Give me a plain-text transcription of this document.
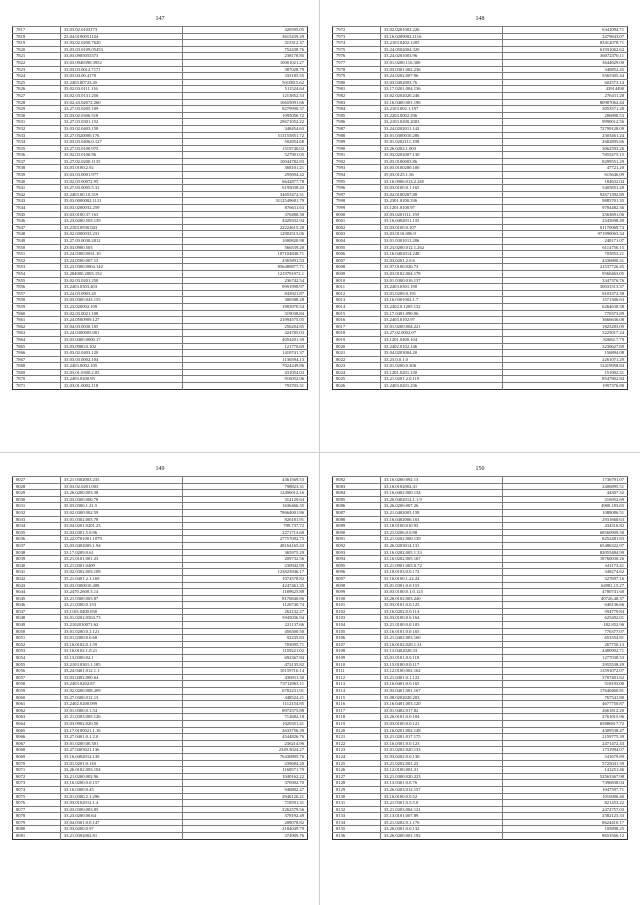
147
7817	33.03.02.0103173	426595.05
7818	23.04.0190051144	3615439.29
7819	33.03.02.0200.7620	315312.37
7820	33.03.03.0109.05453	752438.76
7821	33.03.0905055373	238178.85
7822	33.03.0940390.3952	10001021.27
7823	33.03.03.0012.7171	387028.79
7824	33.03.04.00.4170	333185.55
7825	33.2403.00723.45	5010815.62
7826	33.02.03.0111.116	511524.64
7827	33.02.03.0131.256	1213852.53
7828	33.02.43.02072.260	16655091.66
7829	33.27.03.0205.109	8279990.37
7830	33.03.02.0306.518	1095056.72
7831	33.27.03.0301.152	29671052.22
7832	33.03.02.0403.158	348454.63
7833	33.27.0320000.176	513155851.72
7834	33.03.03.0406.0.127	502854.68
7835	33.27.03.0100.975	1519740.02
7836	33.02.03.0106.96	527901.05
7837	33.27.02.0200.1135	10044782.83
7838	33.03.0100.2.92	368101.21
7839	33.03.03.0001.977	295694.42
7840	33.02.03.00072.95	6642877.78
7841	33.27.03.0005.5.31	6195038.43
7842	33.2403.00.10.319	34653472.51
7843	33.03.0000002.1121	3112549681.79
7844	33.03.0200032.259	876611.63
7845	33.03.0100.37.163	376480.30
7846	33.23.0200.503.139	4429332.94
7847	33.2103.0930.043	22224615.28
7848	33.02.0300033.231	12902513.06
7849	33.27.03.0030.2012	1000820.98
7850	23.03.0900.503	566539.20
7851	33.24.0300.0031.10	107104846.71
7852	33.24.0500.007.13	4365891.53
7853	33.23.0300.0004.142	856480877.71
7854	33.204000.2003.152	1219791972.1
7855	33.02.03.0201.250	236742.54
7856	33.2403.0303.403	9991998.97
7857	33.24.03.0903.45	843921.87
7858	33.03.0300.043.155	306588.28
7859	33.23.020002.109	1983970.54
7860	33.02.03.0021.108	319038.84
7861	33.24.0500909.127	21994575.05
7862	33.04.03.0030.105	256204.85
7863	33.24.0300005.001	424785.03
7864	33.03.0400.0000.17	4054201.39
7865	33.03.0900.0.102	121770.69
7866	33.03.02.0403.120	1410741.37
7867	33.03.03.0002.104	1136594.13
7868	33.2403.0002.105	7024249.86
7869	33.03.01.0300.2.05	431054.03
7870	33.2403.0200.95	916052.06
7871	33.03.01.0002.118	793703.31
148
7972	33.02.0201002.226	6341094.71
7973	33.16.0209002.1116	3479843.07
7974	33.2103.0402.1205	83412078.71
7975	33.24.0502004.320	61931062.62
7976	33.24.0201003.96	36072370.11
7977	33.01.0200.116.300	3644629.00
7978	33.03.0301.002.236	340852.45
7979	33.24.0202.007.96	5565305.44
7980	33.03.0402003.76	602573.14
7981	33.17.0201.004.136	43914490
7982	33.02.0202020.246	276411.28
7983	33.16.0400.001.196	80987062.44
7984	33.2103.002.1.197	3053571.28
7985	33.2204.0002.296	286898.53
7986	33.2103.0200.2003	9990012.56
7987	33.24.0202011.142	72799128.09
7988	33.01.0300010.206	2303461.24
7989	35.01.0202111.198	2682895.66
7990	33.26.0202.1.003	3062593.26
7991	33.03.0202007.130	7855475.15
7992	33.03.0100003.86	8299551.29
7993	33.03.0100200.100	47721.20
7994	35.03.0125.1.56	615646.09
7995	33.16.0906.013.2.265	184632.04
7996	33.03.0100.0.1.165	5405851.28
7997	33.02.0100207.88	92671392.89
7998	33.2301.0200.336	9885701.35
7999	33.1201.0100.97	9784482.36
8000	33.03.0201111.159	2563691.06
8001	33.16.0402011.135	2345698.49
8002	33.03.0100.0.107	61170069.74
8003	33.03.0110.006.9	971990063.34
8004	33.01.0301011.286	248171.07
8005	33.23.0200.012.1.262	6114756.15
8006	33.16.0402014.248	705853.21
8007	33.03.0201.2.0.6	4336800.31
8008	33.07.0100.020.73	21537726.45
8009	33.03.0102.004.178	9560463.05
8010	33.01.0300.016.137	3347376.76
8011	33.2403.0301.190	30031513.37
8012	33.01.0209.0.191	9103372.38
8013	33.16.0301002.1.7	1571306.63
8014	33.2402.0.1205.132	6264638.38
8015	33.17.0401.090.96	770373.89
8016	33.2403.0102.97	3666636.08
8017	33.01.0200.004.221	1823283.09
8018	33.27.02.0002.07	5225017.24
8019	33.1201.0400.104	82682.7.79
8020	33.2402.0102.146	3230627.69
8021	33.04.0203004.20	156894.08
8022	33.23.0.0.1.0	2261071.29
8023	33.01.0200.0.306	12419958.84
8024	33.1201.0201.130	151902.31
8025	33.21.0201.2.0.119	8547802.84
8026	33.2403.0201.236	1997376.80
149
8027	33.21.0302003.235	4361569.53
8028	33.03.02.0201.003	798823.31
8029	33.26.0200.003.38	12496012.16
8030	33.03.0300.000.78	314120.64
8031	35.03.0300.1.21.5	1636466.35
8032	33.02.0300.002.59	78664001.86
8033	33.01.0302.003.78	826181.91
8034	33.04.0201.0201.23	799.737.72
8035	33.03.0301.5.0.96	2271713.68
8036	33.22.0701001.1079	27757092.75
8037	33.03.0402005.1.94	48164165.43
8038	33.17.0209.0.61	365975.29
8039	33.21.0101.001.23	209732.56
8040	33.21.0301.0409	230942.99
8041	33.02.0302.003.108	123823946.17
8042	35.21.0401.2.1.169	1074578.82
8043	33.03.0300010.408	4247461.35
8044	33.2470.2600.3.14	1189625.88
8045	33.21.0300.003.87	8176840.86
8046	33.21.0300.0.133	1126740.74
8047	33.1103.0400.058	262132.27
8048	33.01.0202.0504.73	5945036.94
8049	33.2102010071.62	221137.66
8050	33.01.0200.0.1.121	456500.50
8051	33.01.0300.0.0.68	92235.83
8052	33.16.0102.0.1.59	703095.71
8053	33.16.0102.1.0.21	1159221.02
8054	33.13.0300.02.1	692367.84
8055	33.2103.0301.1.185	472135.82
8056	33.24.0401.012.1.1	10159716.14
8057	33.03.0402.000.64	436911.30
8058	33.2403.0202.87	73712963.11
8059	33.02.0200.008.209	6702231.91
8060	33.27.0300.012.13	448524.21
8061	33.2402.0200.099	1112154.85
8062	33.01.0300.0.1.54	8972575.88
8063	35.21.0303.005.126	712682.18
8064	33.03.0902.020.50	1020351.41
8065	33.17.0100021.1.16	2633756.39
8066	33.27.0401.0.1.2.0	4544826.76
8067	33.01.0200.00.301	236214.96
8068	33.27.0403021.136	2349.3024.27
8069	33.16.0402012.139	76430895.76
8070	33.01.0201.0.118	239684.20
8071	33.26.0102.003.104	1168571.79
8072	33.21.0200.002.96	1040162.22
8073	33.16.0200.0.0.157	376902.70
8074	33.16.0300.0.45	946802.47
8075	33.01.0300.2.1.296	2946126.21
8076	33.03.0102012.1.4	718591.31
8077	33.03.0300.003.85	2262579.56
8078	33.23.0200.00.64	378192.49
8079	33.04.0301.0.0.147	208078.82
8080	33.03.0200.0.97	2184049.79
8081	33.21.0302002.81	374909.76
150
8082	33.16.0200.092.13	1736791.07
8083	33.16.0102002.41	2406895.51
8084	33.16.0402.000.134	44307.32
8085	33.26.0402012.1.1.9	216952.69
8086	33.26.0200.007.26	4900.183.65
8087	33.21.0402003.158	1088086.51
8088	33.16.0402006.163	2931660.63
8089	33.18.0100.010.93	434316.82
8090	33.21.0206.0.0.98	68560909.30
8091	33.21.0202.000.139	8252481.83
8092	33.26.0203014.131	65486322.97
8093	33.16.0202.005.1.33	82055484.99
8094	33.16.0202.005.167	18760030.26
8095	33.21.0901.003.0.72	341173.41
8096	33.18.0103.0.0.172	348274.62
8097	33.16.0100.1.22.24	327697.16
8098	33.01.0301.0.0.153	64981.15.27
8099	33.03.0100.0.1.0.125	4780741.60
8100	33.26.0102.003.240	40726.48.37
8101	33.03.0101.0.0.125	646136.66
8102	33.16.0202.0.0.114	594779.84
8103	33.03.0100.0.0.164	625402.01
8104	33.21.0100.0.0.103	182.852.96
8105	33.16.0101.0.0.165	776377.07
8106	33.21.0402.003.160	653354.81
8107	33.16.0102.020.1.31	267750.13
8108	33.13.0402020.33	4480902.71
8109	33.01.0101.0.0.118	1277038.53
8110	33.15.0100.0.0.117	2955538.29
8111	33.12.0100.002.162	13591072.07
8112	33.21.0401.0.1.122	3707401.62
8113	33.16.0401.0.0.165	518193.00
8114	33.03.0401.001.167	17640460.81
8115	33.08.0202020.203	767541.80
8116	33.16.0401.003.120	4677750.87
8117	33.01.0402.017.82	2661812.20
8118	33.26.0101.0.0.104	2761015.96
8119	33.03.0100.0.0.121	65886817.72
8120	33.16.0201.002.148	4309538.47
8121	33.21.0201.017.175	2159775.39
8122	33.16.0301.0.0.123	2471472.43
8123	33.01.0202.020.133	1731994.07
8124	33.03.0202.0.0.130	541679.89
8125	33.21.0202.001.23	5725041.39
8126	33.12.0100.001.31	141251.46
8127	33.21.0300.020.223	52563367.98
8128	33.13.0301.0.0.76	7396838.04
8129	33.26.0203.012.157	1047597.71
8130	33.16.0100.0.0.52	1016906.40
8131	33.21.0301.0.5.5.0	821453.22
8132	33.21.0203.004.121	2474757.03
8133	33.13.0101.007.89	2582123.33
8134	35.21.0202.0.1.176	8624410.17
8135	33.26.0301.0.0.132	105898.25
8136	33.26.0200.001.192	8653566.12
